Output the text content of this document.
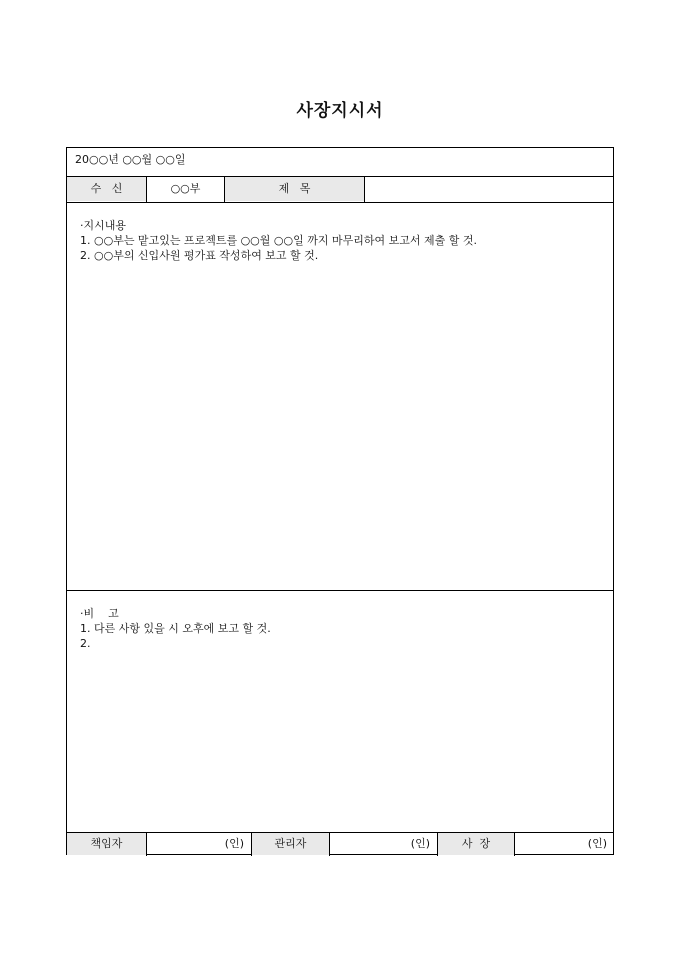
사장지시서
20○○년 ○○월 ○○일
수   신	○○부	제   목
·지시내용
1. ○○부는 맡고있는 프로젝트를 ○○월 ○○일 까지 마무리하여 보고서 제출 할 것.
2. ○○부의 신입사원 평가표 작성하여 보고 할 것.
·비    고
1. 다른 사항 있을 시 오후에 보고 할 것.
2.
책임자	(인)	관리자	(인)	사  장	(인)
